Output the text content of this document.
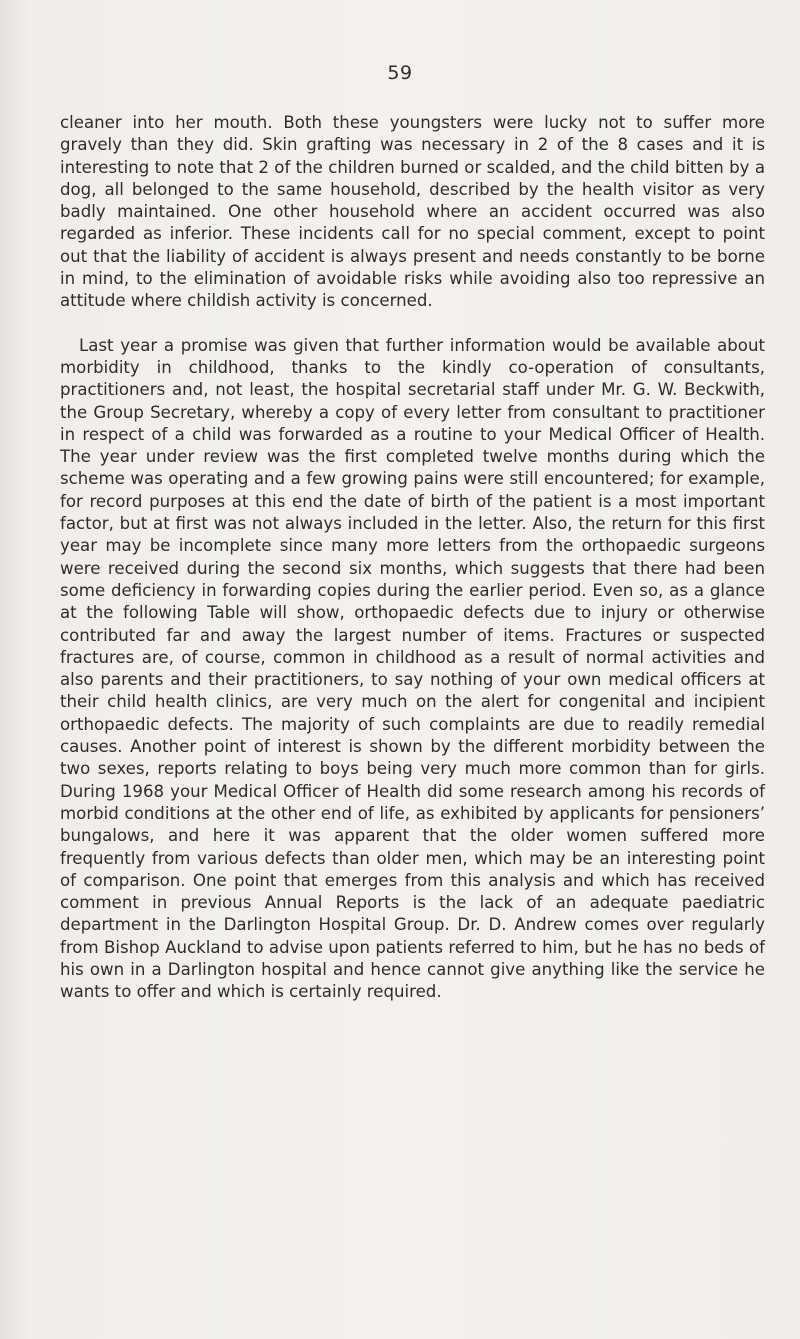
59

cleaner into her mouth. Both these youngsters were lucky not to suffer more gravely than they did. Skin grafting was necessary in 2 of the 8 cases and it is interesting to note that 2 of the children burned or scalded, and the child bitten by a dog, all belonged to the same household, described by the health visitor as very badly maintained. One other household where an accident occurred was also regarded as inferior. These incidents call for no special comment, except to point out that the liability of accident is always present and needs constantly to be borne in mind, to the elimination of avoidable risks while avoiding also too repressive an attitude where childish activity is concerned.

Last year a promise was given that further information would be available about morbidity in childhood, thanks to the kindly co-operation of consultants, practitioners and, not least, the hospital secretarial staff under Mr. G. W. Beckwith, the Group Secretary, whereby a copy of every letter from consultant to practitioner in respect of a child was forwarded as a routine to your Medical Officer of Health. The year under review was the first completed twelve months during which the scheme was operating and a few growing pains were still encountered; for example, for record purposes at this end the date of birth of the patient is a most important factor, but at first was not always included in the letter. Also, the return for this first year may be incomplete since many more letters from the orthopaedic surgeons were received during the second six months, which suggests that there had been some deficiency in forwarding copies during the earlier period. Even so, as a glance at the following Table will show, orthopaedic defects due to injury or otherwise contributed far and away the largest number of items. Fractures or suspected fractures are, of course, common in childhood as a result of normal activities and also parents and their practitioners, to say nothing of your own medical officers at their child health clinics, are very much on the alert for congenital and incipient orthopaedic defects. The majority of such complaints are due to readily remedial causes. Another point of interest is shown by the different morbidity between the two sexes, reports relating to boys being very much more common than for girls. During 1968 your Medical Officer of Health did some research among his records of morbid conditions at the other end of life, as exhibited by applicants for pensioners’ bungalows, and here it was apparent that the older women suffered more frequently from various defects than older men, which may be an interesting point of comparison. One point that emerges from this analysis and which has received comment in previous Annual Reports is the lack of an adequate paediatric department in the Darlington Hospital Group. Dr. D. Andrew comes over regularly from Bishop Auckland to advise upon patients referred to him, but he has no beds of his own in a Darlington hospital and hence cannot give anything like the service he wants to offer and which is certainly required.
